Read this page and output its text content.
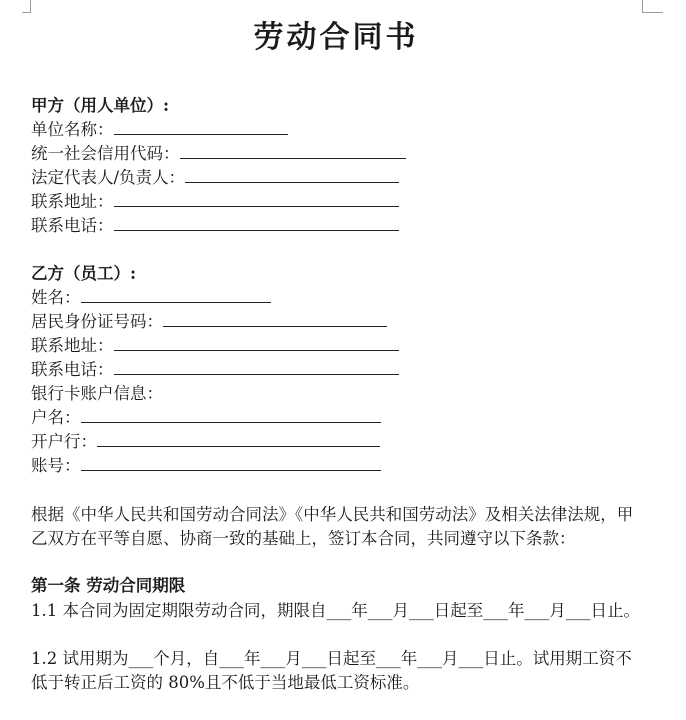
劳动合同书
甲方（用人单位）:
单位名称：
统一社会信用代码：
法定代表人/负责人：
联系地址：
联系电话：
乙方（员工）:
姓名：
居民身份证号码：
联系地址：
联系电话：
银行卡账户信息：
户名：
开户行：
账号：
根据《中华人民共和国劳动合同法》《中华人民共和国劳动法》及相关法律法规，甲乙双方在平等自愿、协商一致的基础上，签订本合同，共同遵守以下条款：
第一条 劳动合同期限
1.1 本合同为固定期限劳动合同，期限自___年___月___日起至___年___月___日止。
1.2 试用期为___个月，自___年___月___日起至___年___月___日止。试用期工资不低于转正后工资的 80%且不低于当地最低工资标准。
